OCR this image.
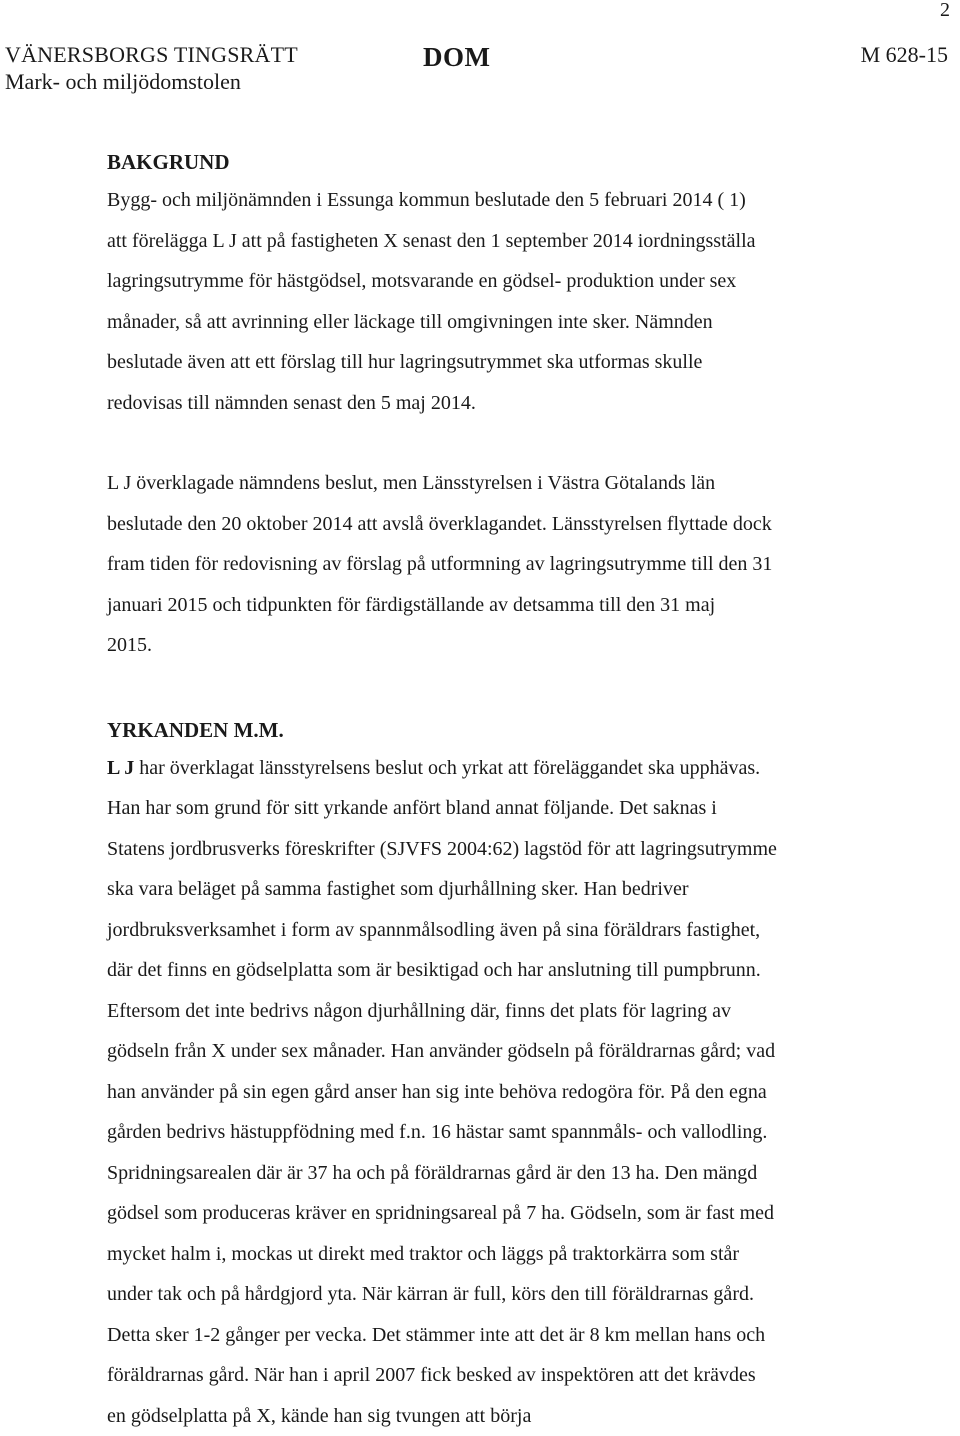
2
VÄNERSBORGS TINGSRÄTT
Mark- och miljödomstolen
DOM	M 628-15
BAKGRUND
Bygg- och miljönämnden i Essunga kommun beslutade den 5 februari 2014 ( 1)
att förelägga L J att på fastigheten X senast den 1 september 2014 iordningsställa
lagringsutrymme för hästgödsel, motsvarande en gödsel- produktion under sex
månader, så att avrinning eller läckage till omgivningen inte sker. Nämnden
beslutade även att ett förslag till hur lagringsutrymmet ska utformas skulle
redovisas till nämnden senast den 5 maj 2014.
L J överklagade nämndens beslut, men Länsstyrelsen i Västra Götalands län
beslutade den 20 oktober 2014 att avslå överklagandet. Länsstyrelsen flyttade dock
fram tiden för redovisning av förslag på utformning av lagringsutrymme till den 31
januari 2015 och tidpunkten för färdigställande av detsamma till den 31 maj
2015.
YRKANDEN M.M.
L J har överklagat länsstyrelsens beslut och yrkat att föreläggandet ska upphävas.
Han har som grund för sitt yrkande anfört bland annat följande. Det saknas i
Statens jordbrusverks föreskrifter (SJVFS 2004:62) lagstöd för att lagringsutrymme
ska vara beläget på samma fastighet som djurhållning sker. Han bedriver
jordbruksverksamhet i form av spannmålsodling även på sina föräldrars fastighet,
där det finns en gödselplatta som är besiktigad och har anslutning till pumpbrunn.
Eftersom det inte bedrivs någon djurhållning där, finns det plats för lagring av
gödseln från X under sex månader. Han använder gödseln på föräldrarnas gård; vad
han använder på sin egen gård anser han sig inte behöva redogöra för. På den egna
gården bedrivs hästuppfödning med f.n. 16 hästar samt spannmåls- och vallodling.
Spridningsarealen där är 37 ha och på föräldrarnas gård är den 13 ha. Den mängd
gödsel som produceras kräver en spridningsareal på 7 ha. Gödseln, som är fast med
mycket halm i, mockas ut direkt med traktor och läggs på traktorkärra som står
under tak och på hårdgjord yta. När kärran är full, körs den till föräldrarnas gård.
Detta sker 1-2 gånger per vecka. Det stämmer inte att det är 8 km mellan hans och
föräldrarnas gård. När han i april 2007 fick besked av inspektören att det krävdes
en gödselplatta på X, kände han sig tvungen att börja
